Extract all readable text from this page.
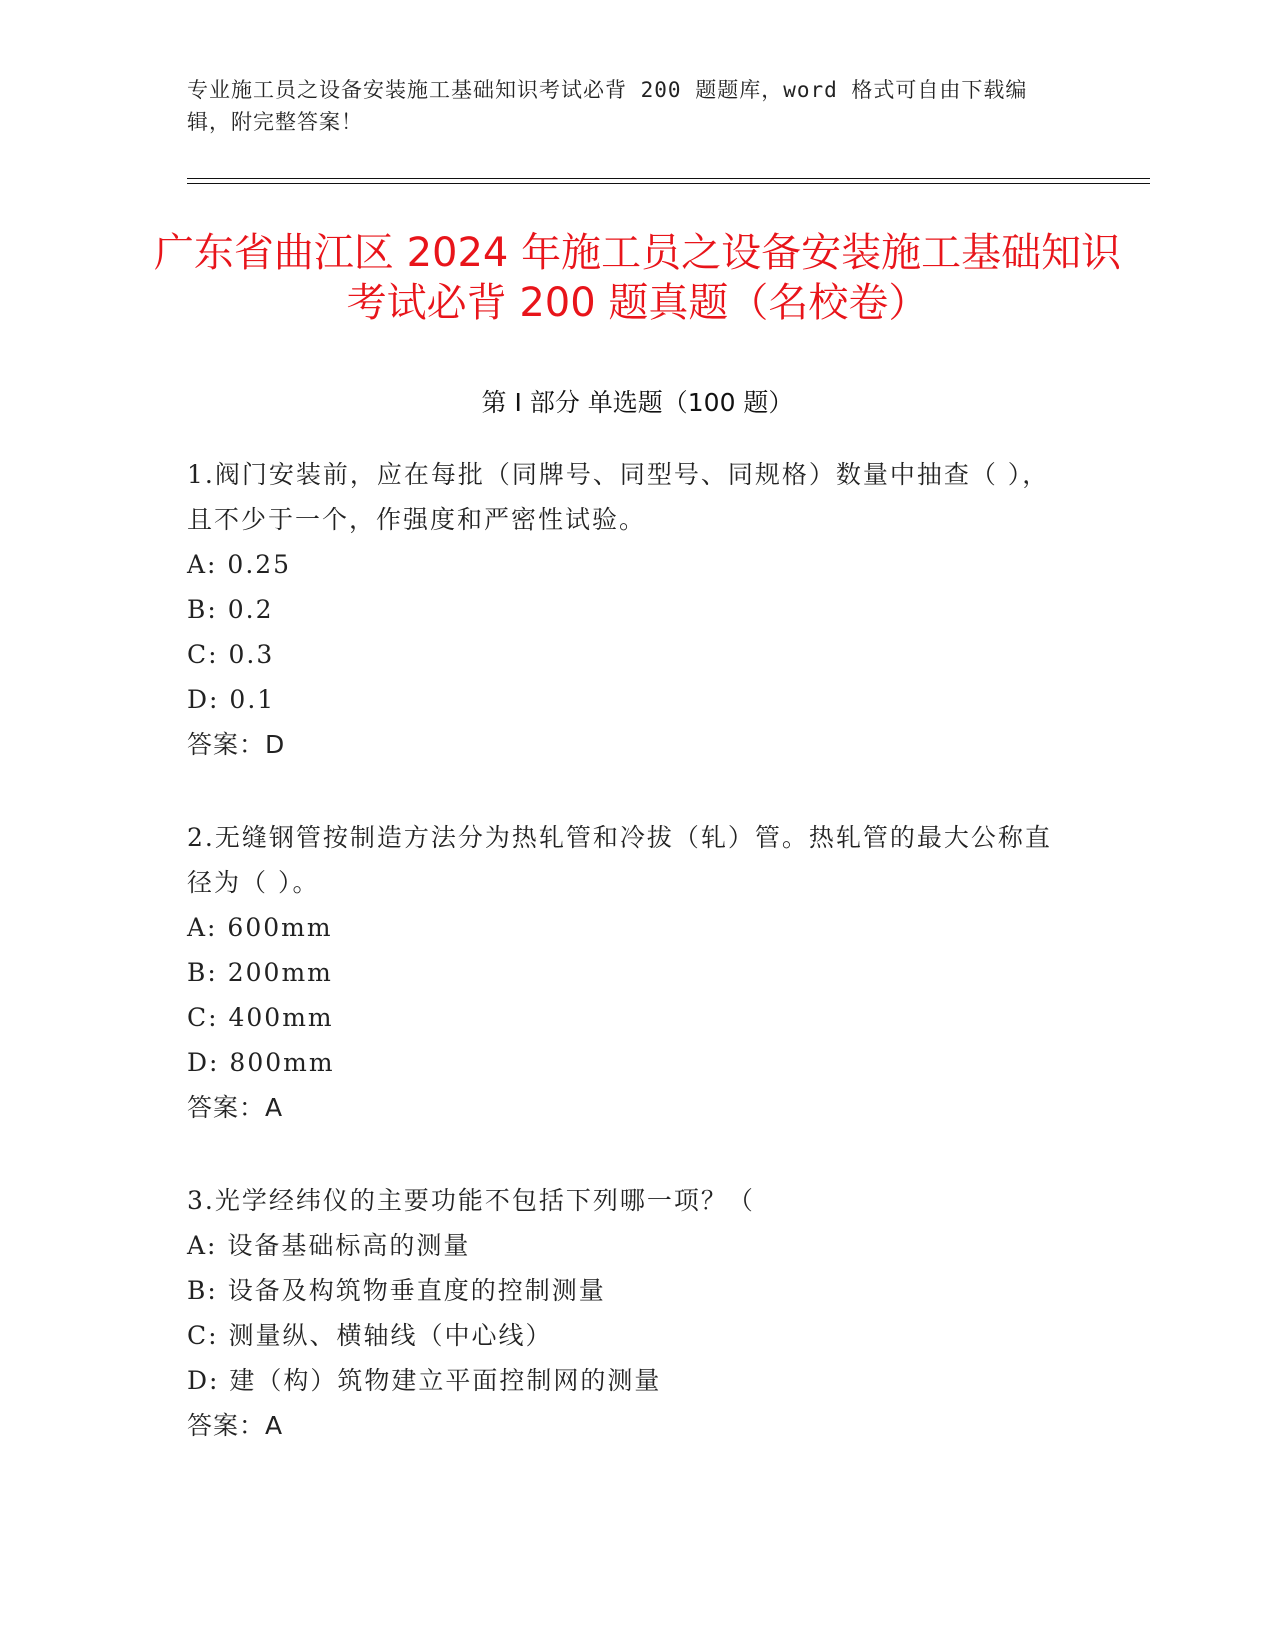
专业施工员之设备安装施工基础知识考试必背 200 题题库，word 格式可自由下载编辑，附完整答案！
广东省曲江区 2024 年施工员之设备安装施工基础知识考试必背 200 题真题（名校卷）
第 I 部分 单选题（100 题）

1.阀门安装前，应在每批（同牌号、同型号、同规格）数量中抽查（ ），且不少于一个，作强度和严密性试验。

A: 0.25

B: 0.2

C: 0.3

D: 0.1

答案：D

2.无缝钢管按制造方法分为热轧管和冷拔（轧）管。热轧管的最大公称直径为（ ）。

A: 600mm

B: 200mm

C: 400mm

D: 800mm

答案：A

3.光学经纬仪的主要功能不包括下列哪一项？（

A: 设备基础标高的测量

B: 设备及构筑物垂直度的控制测量

C: 测量纵、横轴线（中心线）

D: 建（构）筑物建立平面控制网的测量

答案：A
